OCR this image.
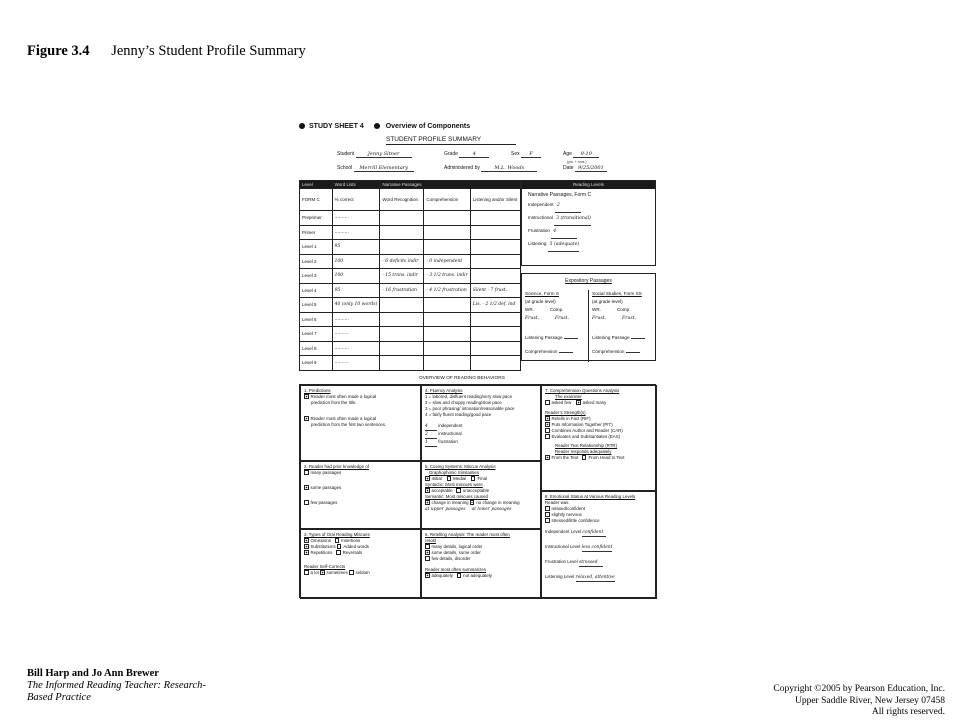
Figure 3.4 Jenny’s Student Profile Summary
STUDY SHEET 4	Overview of Components
STUDENT PROFILE SUMMARY
Student	Jenny Sitner	Grade	4	Sex F	Age 9-10
(yrs. + mos.)
School Merrill Elementary	Administered by	M.L. Woods	Date 9/25/2001
Level	Word Lists	Narrative Passages		
FORM C	% correct	Word Recognition	Comprehension	Listening and/or Silent
Preprimer	..........			
Primer	..........			
Level 1	95			
Level 2	100	- 6 deficits indir	- 0 independent	
Level 3	100	- 15 trans. indir	- 3 1/2 trans. indir	
Level 4	95	- 16 frustration	- 4 1/2 frustration	Silent - 7 frust.
Level 5	40 (only 10 words)			Lis. - 2 1/2 def. ind
Level 6	..........			
Level 7	..........			
Level 8	..........			
Level 9	..........			
Reading Levels
Narrative Passages, Form C
Independent 2
Instructional 3 (transitional)
Frustration 4
Listening 5 (adequate)
Expository Passages
Science, Form S
(at grade level)
WR.	Comp.
Frust.	Frust.
Listening Passage
Comprehension
Social Studies, Form SS
(at grade level)
WR.	Comp.
Frust.	Frust.
Listening Passage
Comprehension
OVERVIEW OF READING BEHAVIORS
1. Predictions
Reader most often made a logical
prediction from the title.
Reader most often made a logical
prediction from the first two sentences.
2. Reader had prior knowledge of
many passages
some passages
few passages
3. Types of Oral Reading Miscues
Omissions Insertions
Substitutions Added words
Repetitions Reversals
Reader Self-Corrects
a lot sometimes seldom
4. Fluency Analysis
1 = labored, disfluent reading/very slow pace
2 = slow and choppy reading/slow pace
3 = poor phrasing/ intonation/reasonable pace
4 = fairly fluent reading/good pace
4 independent
2 instructional
1 frustration
5. Cueing Systems: Miscue Analysis
Graphophonic Similarities
Initial	Medial	Final
Syntactic: Most miscues were
acceptable unacceptable
Semantic: Most miscues caused
change in meaning no change in meaning
at upper passages at lower passages
6. Retelling Analysis: The reader most often
retold
many details, logical order
some details, some order
few details, disorder
Reader most often summarizes
adequately not adequately
7. Comprehension Questions Analysis
The examiner
asked few	asked many
Reader’s Strength(s)
Retells in Fact (RIF)
Puts Information Together (PIT)
Combines Author and Reader (CAR)
Evaluates and Substantiates (EAS)
Reader Text Relationship (RTR)
Reader responds adequately
From the Text From Head to Text
8. Emotional Status at Various Reading Levels
Reader was
relaxed/confident
slightly nervous
stressed/little confidence
Independent Level confident
Instructional Level less confident
Frustration Level stressed
Listening Level relaxed, attentive
Bill Harp and Jo Ann Brewer
The Informed Reading Teacher: Research-
Based Practice
Copyright ©2005 by Pearson Education, Inc.
Upper Saddle River, New Jersey 07458
All rights reserved.
